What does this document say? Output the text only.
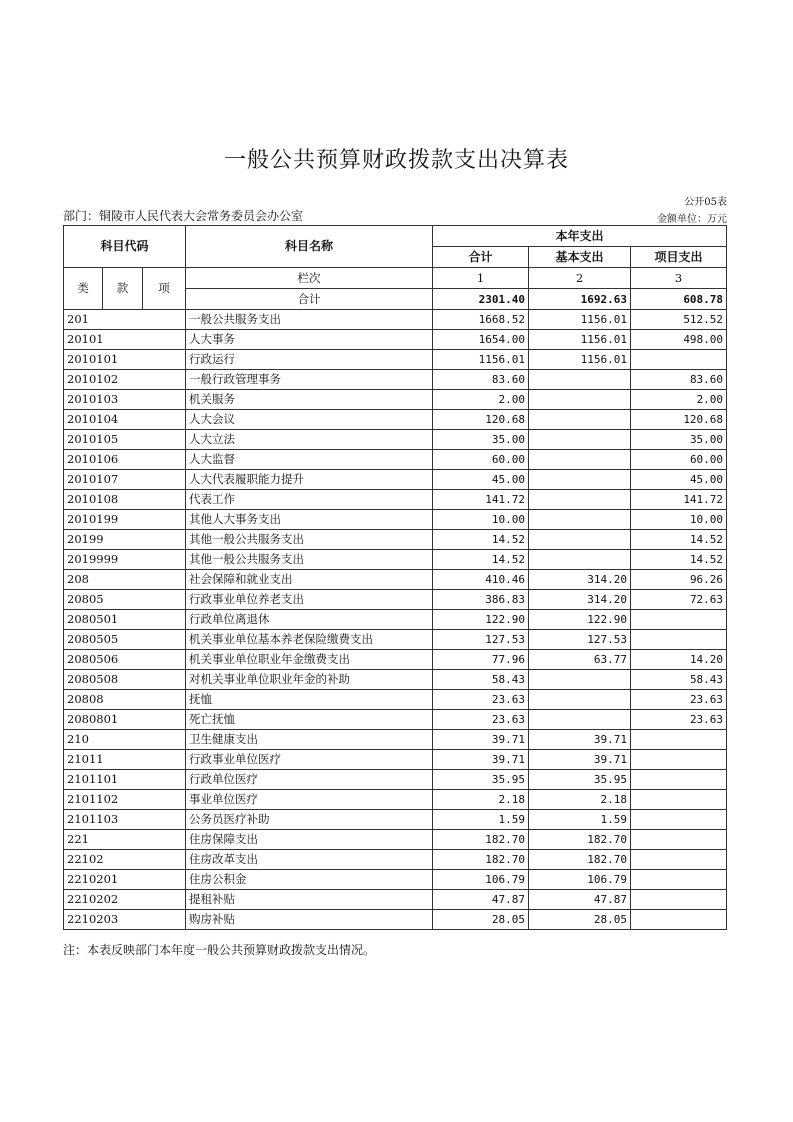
一般公共预算财政拨款支出决算表
公开05表
部门：铜陵市人民代表大会常务委员会办公室	金额单位：万元
科目代码			科目名称	本年支出		
				合计	基本支出	项目支出
类	款	项	栏次	1	2	3
			合计	2301.40	1692.63	608.78
201			一般公共服务支出	1668.52	1156.01	512.52
20101			人大事务	1654.00	1156.01	498.00
2010101			行政运行	1156.01	1156.01	
2010102			一般行政管理事务	83.60		83.60
2010103			机关服务	2.00		2.00
2010104			人大会议	120.68		120.68
2010105			人大立法	35.00		35.00
2010106			人大监督	60.00		60.00
2010107			人大代表履职能力提升	45.00		45.00
2010108			代表工作	141.72		141.72
2010199			其他人大事务支出	10.00		10.00
20199			其他一般公共服务支出	14.52		14.52
2019999			其他一般公共服务支出	14.52		14.52
208			社会保障和就业支出	410.46	314.20	96.26
20805			行政事业单位养老支出	386.83	314.20	72.63
2080501			行政单位离退休	122.90	122.90	
2080505			机关事业单位基本养老保险缴费支出	127.53	127.53	
2080506			机关事业单位职业年金缴费支出	77.96	63.77	14.20
2080508			对机关事业单位职业年金的补助	58.43		58.43
20808			抚恤	23.63		23.63
2080801			死亡抚恤	23.63		23.63
210			卫生健康支出	39.71	39.71	
21011			行政事业单位医疗	39.71	39.71	
2101101			行政单位医疗	35.95	35.95	
2101102			事业单位医疗	2.18	2.18	
2101103			公务员医疗补助	1.59	1.59	
221			住房保障支出	182.70	182.70	
22102			住房改革支出	182.70	182.70	
2210201			住房公积金	106.79	106.79	
2210202			提租补贴	47.87	47.87	
2210203			购房补贴	28.05	28.05	
注：本表反映部门本年度一般公共预算财政拨款支出情况。
